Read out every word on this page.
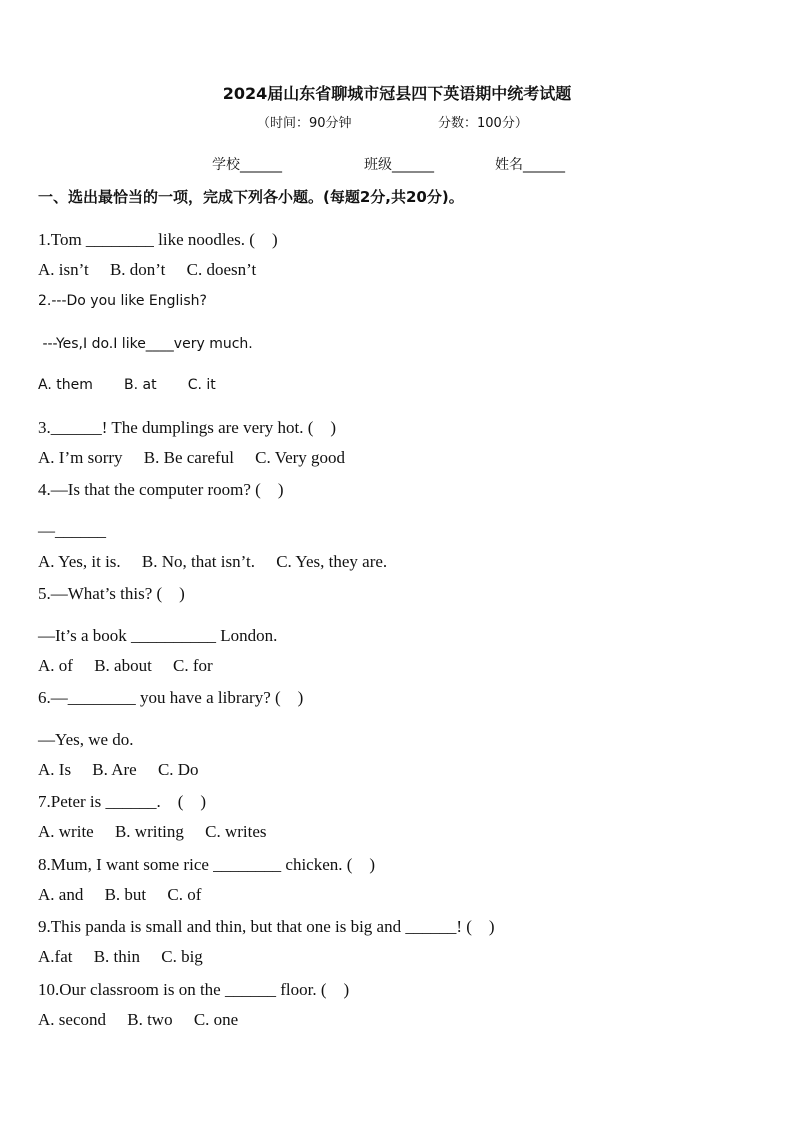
2024届山东省聊城市冠县四下英语期中统考试题
（时间：90分钟	分数：100分）
学校______	班级______	姓名______
一、选出最恰当的一项，完成下列各小题。(每题2分,共20分)。
1.Tom ________ like noodles. (    )
A. isn’t     B. don’t     C. doesn’t
2.---Do you like English?
---Yes,I do.I like____very much.
A. them       B. at       C. it
3.______! The dumplings are very hot. (    )
A. I’m sorry     B. Be careful     C. Very good
4.—Is that the computer room? (    )
—______
A. Yes, it is.     B. No, that isn’t.     C. Yes, they are.
5.—What’s this? (    )
—It’s a book __________ London.
A. of     B. about     C. for
6.—________ you have a library? (    )
—Yes, we do.
A. Is     B. Are     C. Do
7.Peter is ______.    (    )
A. write     B. writing     C. writes
8.Mum, I want some rice ________ chicken. (    )
A. and     B. but     C. of
9.This panda is small and thin, but that one is big and ______! (    )
A.fat     B. thin     C. big
10.Our classroom is on the ______ floor. (    )
A. second     B. two     C. one
